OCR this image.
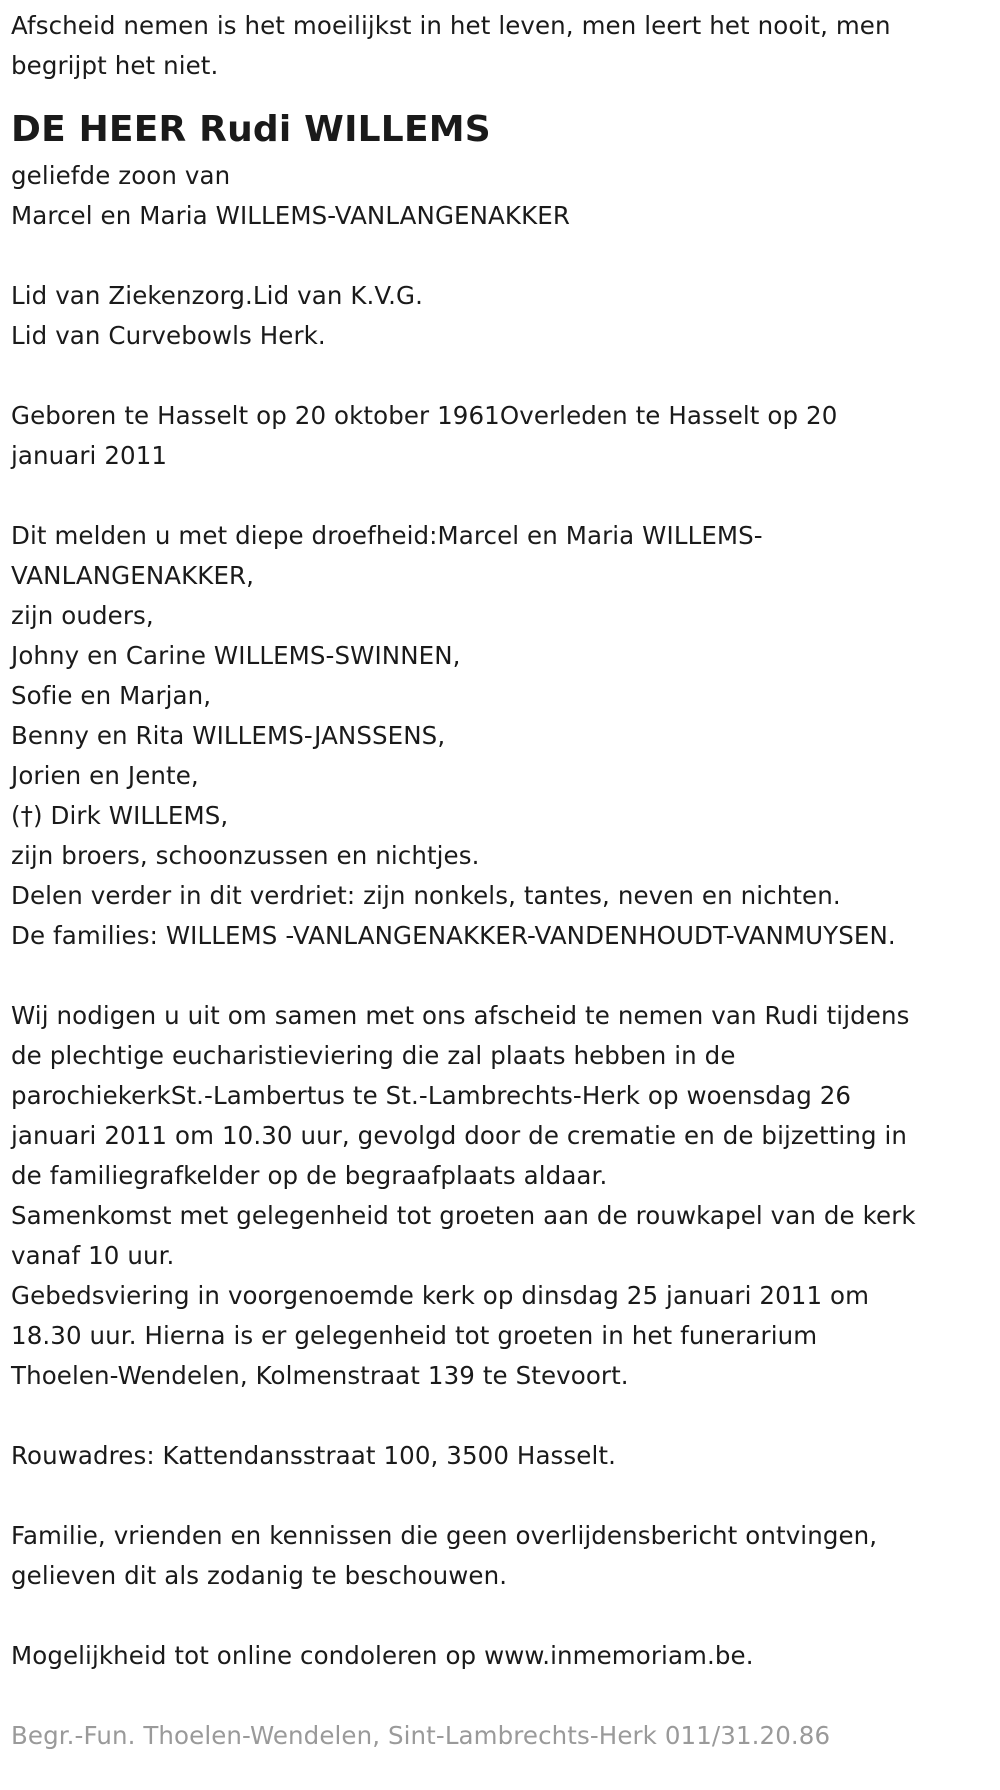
Afscheid nemen is het moeilijkst in het leven, men leert het nooit, men
begrijpt het niet.
DE HEER Rudi WILLEMS
geliefde zoon van
Marcel en Maria WILLEMS-VANLANGENAKKER
Lid van Ziekenzorg.Lid van K.V.G.
Lid van Curvebowls Herk.
Geboren te Hasselt op 20 oktober 1961Overleden te Hasselt op 20
januari 2011
Dit melden u met diepe droefheid:Marcel en Maria WILLEMS-
VANLANGENAKKER,
zijn ouders,
Johny en Carine WILLEMS-SWINNEN,
Sofie en Marjan,
Benny en Rita WILLEMS-JANSSENS,
Jorien en Jente,
(†) Dirk WILLEMS,
zijn broers, schoonzussen en nichtjes.
Delen verder in dit verdriet: zijn nonkels, tantes, neven en nichten.
De families: WILLEMS -VANLANGENAKKER-VANDENHOUDT-VANMUYSEN.
Wij nodigen u uit om samen met ons afscheid te nemen van Rudi tijdens
de plechtige eucharistieviering die zal plaats hebben in de
parochiekerkSt.-Lambertus te St.-Lambrechts-Herk op woensdag 26
januari 2011 om 10.30 uur, gevolgd door de crematie en de bijzetting in
de familiegrafkelder op de begraafplaats aldaar.
Samenkomst met gelegenheid tot groeten aan de rouwkapel van de kerk
vanaf 10 uur.
Gebedsviering in voorgenoemde kerk op dinsdag 25 januari 2011 om
18.30 uur. Hierna is er gelegenheid tot groeten in het funerarium
Thoelen-Wendelen, Kolmenstraat 139 te Stevoort.
Rouwadres: Kattendansstraat 100, 3500 Hasselt.
Familie, vrienden en kennissen die geen overlijdensbericht ontvingen,
gelieven dit als zodanig te beschouwen.
Mogelijkheid tot online condoleren op www.inmemoriam.be.
Begr.-Fun. Thoelen-Wendelen, Sint-Lambrechts-Herk 011/31.20.86
